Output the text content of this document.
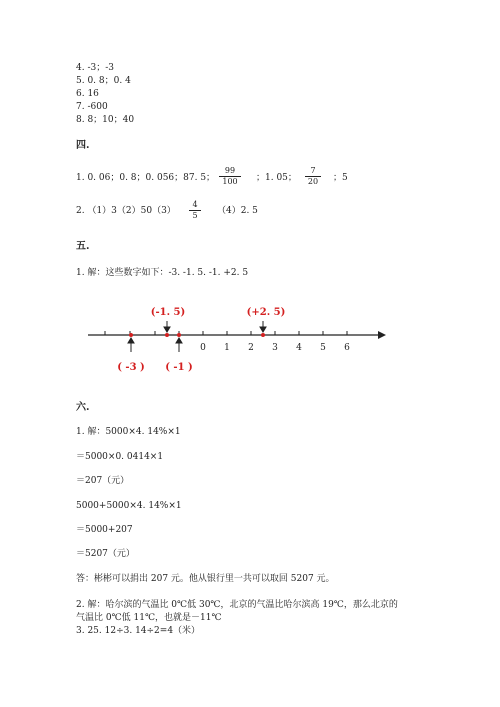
4. -3；-3
5. 0. 8；0. 4
6. 16
7. -600
8. 8；10；40
四.
1. 0. 06；0. 8；0. 056；87. 5； $\frac{99}{100}$ ；1. 05； $\frac{7}{20}$ ；5
2. $(1)3(2)50(3) \frac{4}{5} (4)2$. 5
五.
1. 解：这些数字如下：-3. -1. 5. -1. +2. 5
0 1 2 3 4 5 6
(-1. 5)	(+2. 5)
( -3 ) ( -1 )
六.
1. 解：5000×4. 14%×1
＝5000×0. 0414×1
＝207（元）
5000+5000×4. 14%×1
＝5000+207
＝5207（元）
答：彬彬可以捐出 207 元。他从银行里一共可以取回 5207 元。
2. 解：哈尔滨的气温比 0℃低 30℃，北京的气温比哈尔滨高 19℃，那么北京的
气温比 0℃低 11℃，也就是－11℃
3. 25. 12÷3. 14÷2=4（米）
